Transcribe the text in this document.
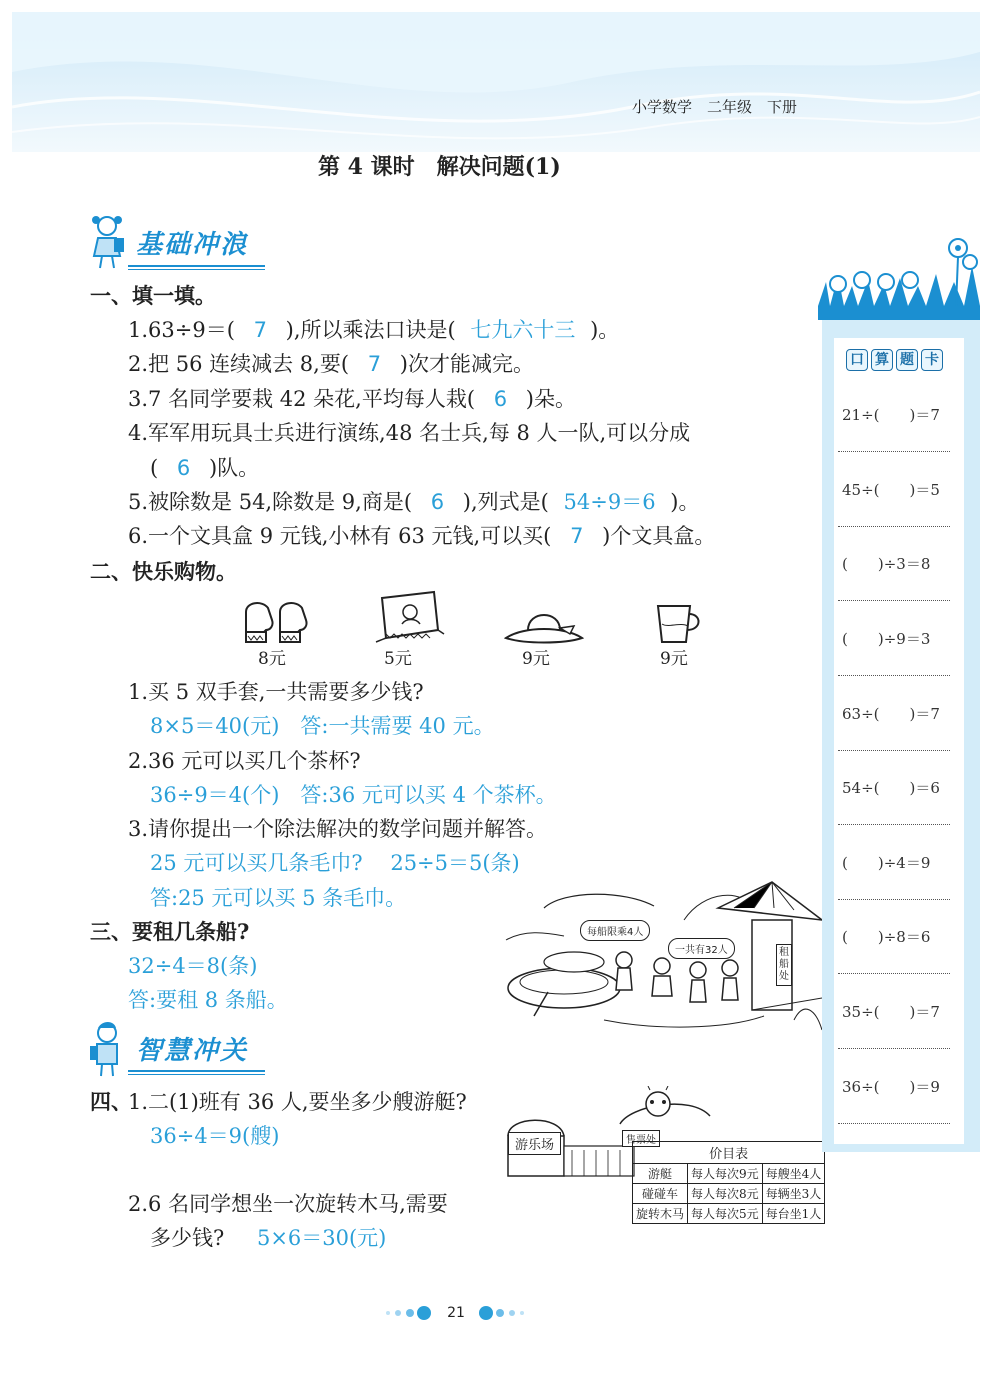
小学数学　二年级　下册
第 4 课时　解决问题(1)
基础冲浪
一、填一填。
1.63÷9＝( 7 ),所以乘法口诀是( 七九六十三 )。
2.把 56 连续减去 8,要( 7 )次才能减完。
3.7 名同学要栽 42 朵花,平均每人栽( 6 )朵。
4.军军用玩具士兵进行演练,48 名士兵,每 8 人一队,可以分成
( 6 )队。
5.被除数是 54,除数是 9,商是( 6 ),列式是( 54÷9＝6 )。
6.一个文具盒 9 元钱,小林有 63 元钱,可以买( 7 )个文具盒。
二、快乐购物。
8元	5元	9元	9元
1.买 5 双手套,一共需要多少钱?
8×5＝40(元)　答:一共需要 40 元。
2.36 元可以买几个茶杯?
36÷9＝4(个)　答:36 元可以买 4 个茶杯。
3.请你提出一个除法解决的数学问题并解答。
25 元可以买几条毛巾?　 25÷5＝5(条)
答:25 元可以买 5 条毛巾。
三、要租几条船?
32÷4＝8(条)
答:要租 8 条船。
每船限乘4人
一共有32人	租船处
智慧冲关
四、
1.二(1)班有 36 人,要坐多少艘游艇?
36÷4＝9(艘)
2.6 名同学想坐一次旋转木马,需要
多少钱? 5×6＝30(元)
游乐场	售票处
价目表		
游艇	每人每次9元	每艘坐4人
碰碰车	每人每次8元	每辆坐3人
旋转木马	每人每次5元	每台坐1人
口 算 题 卡
21÷(　　)＝7
45÷(　　)＝5
(　　)÷3＝8
(　　)÷9＝3
63÷(　　)＝7
54÷(　　)＝6
(　　)÷4＝9
(　　)÷8＝6
35÷(　　)＝7
36÷(　　)＝9
21
